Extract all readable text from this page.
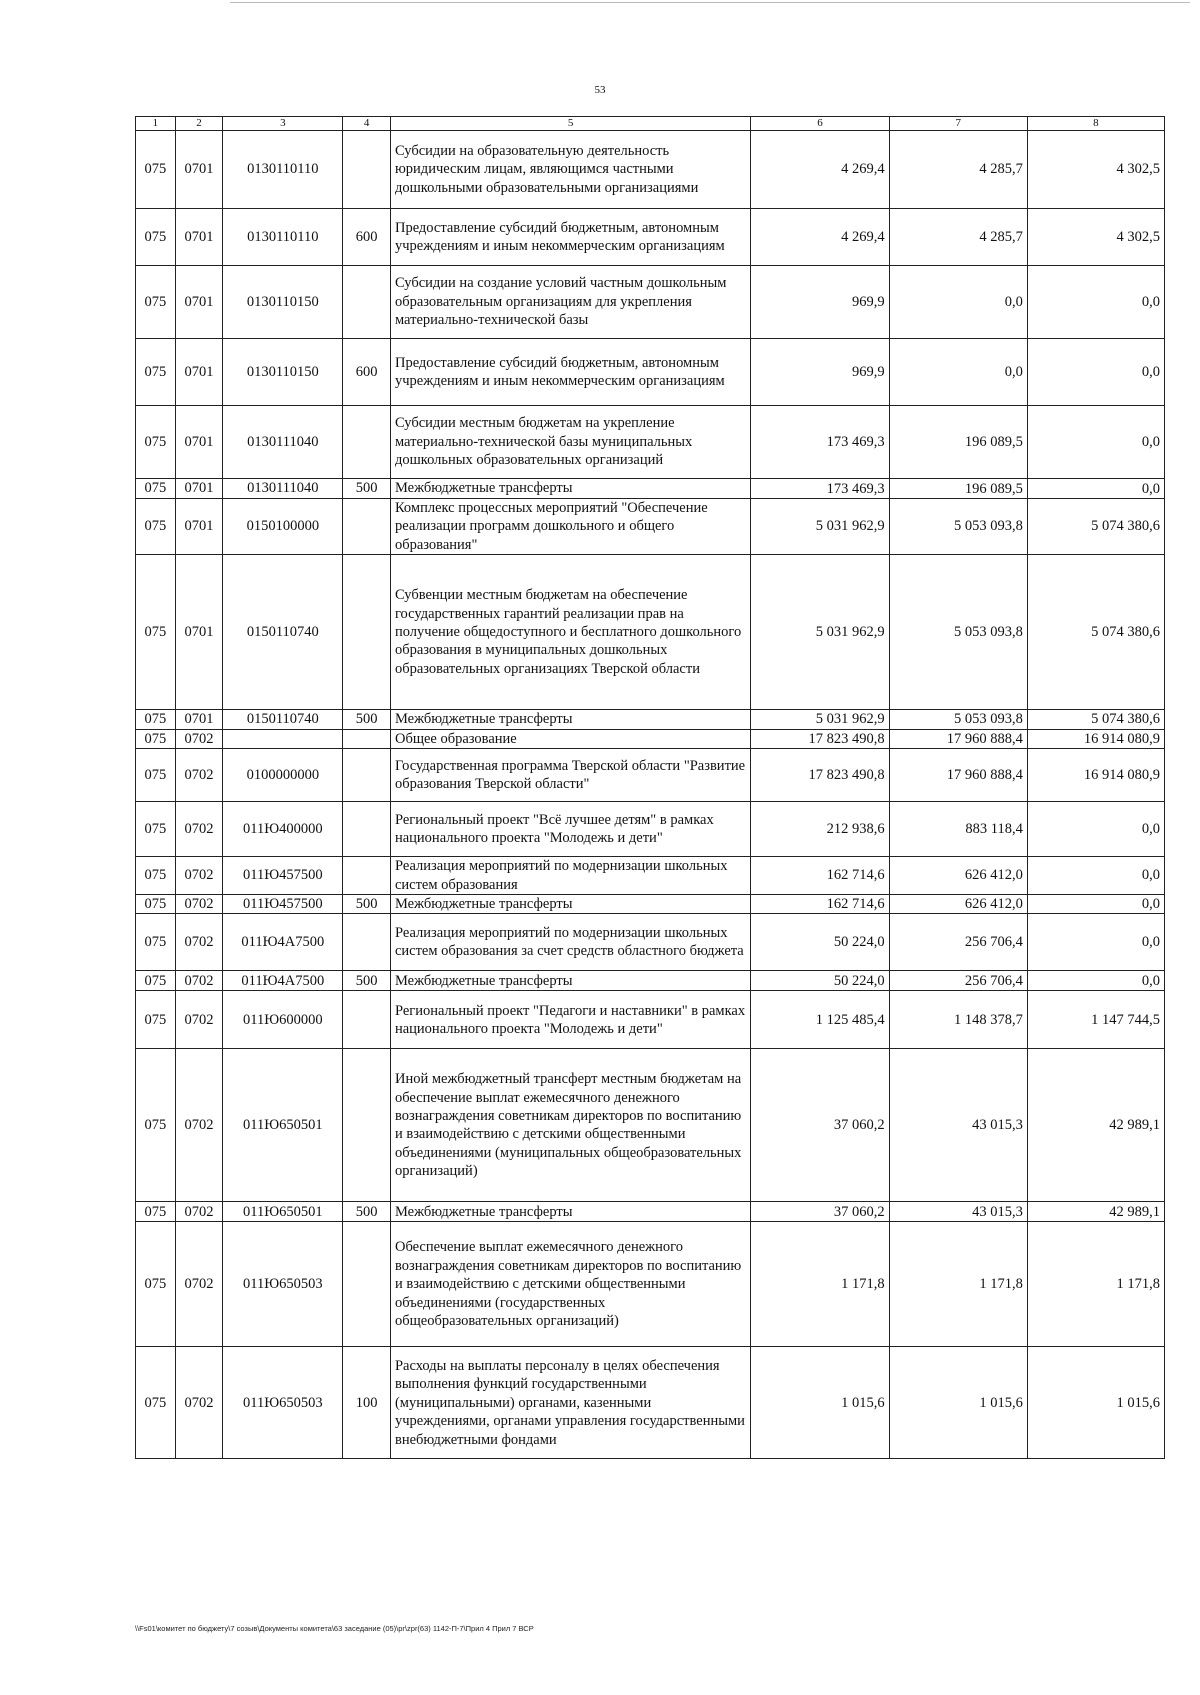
53
1	2	3	4	5	6	7	8
075	0701	0130110110		Субсидии на образовательную деятельность юридическим лицам, являющимся частными дошкольными образовательными организациями	4 269,4	4 285,7	4 302,5
075	0701	0130110110	600	Предоставление субсидий бюджетным, автономным учреждениям и иным некоммерческим организациям	4 269,4	4 285,7	4 302,5
075	0701	0130110150		Субсидии на создание условий частным дошкольным образовательным организациям для укрепления материально-технической базы	969,9	0,0	0,0
075	0701	0130110150	600	Предоставление субсидий бюджетным, автономным учреждениям и иным некоммерческим организациям	969,9	0,0	0,0
075	0701	0130111040		Субсидии местным бюджетам на укрепление материально-технической базы муниципальных дошкольных образовательных организаций	173 469,3	196 089,5	0,0
075	0701	0130111040	500	Межбюджетные трансферты	173 469,3	196 089,5	0,0
075	0701	0150100000		Комплекс процессных мероприятий "Обеспечение реализации программ дошкольного и общего образования"	5 031 962,9	5 053 093,8	5 074 380,6
075	0701	0150110740		Субвенции местным бюджетам на обеспечение государственных гарантий реализации прав на получение общедоступного и бесплатного дошкольного образования в муниципальных дошкольных образовательных организациях Тверской области	5 031 962,9	5 053 093,8	5 074 380,6
075	0701	0150110740	500	Межбюджетные трансферты	5 031 962,9	5 053 093,8	5 074 380,6
075	0702			Общее образование	17 823 490,8	17 960 888,4	16 914 080,9
075	0702	0100000000		Государственная программа Тверской области "Развитие образования Тверской области"	17 823 490,8	17 960 888,4	16 914 080,9
075	0702	011Ю400000		Региональный проект "Всё лучшее детям" в рамках национального проекта "Молодежь и дети"	212 938,6	883 118,4	0,0
075	0702	011Ю457500		Реализация мероприятий по модернизации школьных систем образования	162 714,6	626 412,0	0,0
075	0702	011Ю457500	500	Межбюджетные трансферты	162 714,6	626 412,0	0,0
075	0702	011Ю4А7500		Реализация мероприятий по модернизации школьных систем образования за счет средств областного бюджета	50 224,0	256 706,4	0,0
075	0702	011Ю4А7500	500	Межбюджетные трансферты	50 224,0	256 706,4	0,0
075	0702	011Ю600000		Региональный проект "Педагоги и наставники" в рамках национального проекта "Молодежь и дети"	1 125 485,4	1 148 378,7	1 147 744,5
075	0702	011Ю650501		Иной межбюджетный трансферт местным бюджетам на обеспечение выплат ежемесячного денежного вознаграждения советникам директоров по воспитанию и взаимодействию с детскими общественными объединениями (муниципальных общеобразовательных организаций)	37 060,2	43 015,3	42 989,1
075	0702	011Ю650501	500	Межбюджетные трансферты	37 060,2	43 015,3	42 989,1
075	0702	011Ю650503		Обеспечение выплат ежемесячного денежного вознаграждения советникам директоров по воспитанию и взаимодействию с детскими общественными объединениями (государственных общеобразовательных организаций)	1 171,8	1 171,8	1 171,8
075	0702	011Ю650503	100	Расходы на выплаты персоналу в целях обеспечения выполнения функций государственными (муниципальными) органами, казенными учреждениями, органами управления государственными внебюджетными фондами	1 015,6	1 015,6	1 015,6
\\Fs01\комитет по бюджету\7 созыв\Документы комитета\63 заседание (05)\pr\zpr(63) 1142-П-7\Прил 4 Прил 7 ВСР
